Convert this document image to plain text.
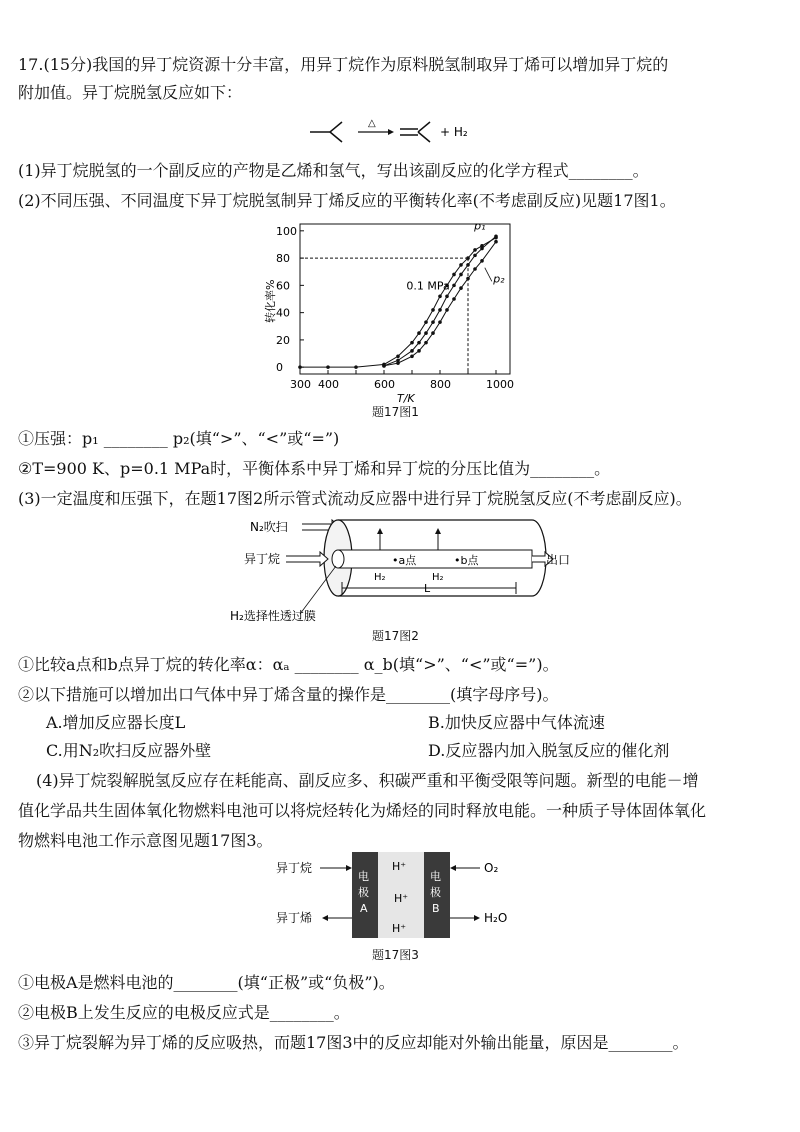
17.(15分)我国的异丁烷资源十分丰富，用异丁烷作为原料脱氢制取异丁烯可以增加异丁烷的
附加值。异丁烷脱氢反应如下：
△
+ H₂
(1)异丁烷脱氢的一个副反应的产物是乙烯和氢气，写出该副反应的化学方程式________。
(2)不同压强、不同温度下异丁烷脱氢制异丁烯反应的平衡转化率(不考虑副反应)见题17图1。
300 400	600	800	1000
0
20
40
60
80
100
T/K
转化率%
p₁
p₂
0.1 MPa
题17图1
①压强：p₁ ________ p₂(填“>”、“<”或“=”)
②T=900 K、p=0.1 MPa时，平衡体系中异丁烯和异丁烷的分压比值为________。
(3)一定温度和压强下，在题17图2所示管式流动反应器中进行异丁烷脱氢反应(不考虑副反应)。
N₂吹扫
异丁烷
H₂
•a点
H₂
•b点	出口
L
H₂选择性透过膜
题17图2
①比较a点和b点异丁烷的转化率α：αₐ ________ α_b(填“>”、“<”或“=”)。
②以下措施可以增加出口气体中异丁烯含量的操作是________(填字母序号)。
A.增加反应器长度L	B.加快反应器中气体流速
C.用N₂吹扫反应器外壁	D.反应器内加入脱氢反应的催化剂
(4)异丁烷裂解脱氢反应存在耗能高、副反应多、积碳严重和平衡受限等问题。新型的电能－增
值化学品共生固体氧化物燃料电池可以将烷烃转化为烯烃的同时释放电能。一种质子导体固体氧化
物燃料电池工作示意图见题17图3。
电
极
A
电
极
B
H⁺
H⁺
H⁺
异丁烷
异丁烯
O₂
H₂O
题17图3
①电极A是燃料电池的________(填“正极”或“负极”)。
②电极B上发生反应的电极反应式是________。
③异丁烷裂解为异丁烯的反应吸热，而题17图3中的反应却能对外输出能量，原因是________。
